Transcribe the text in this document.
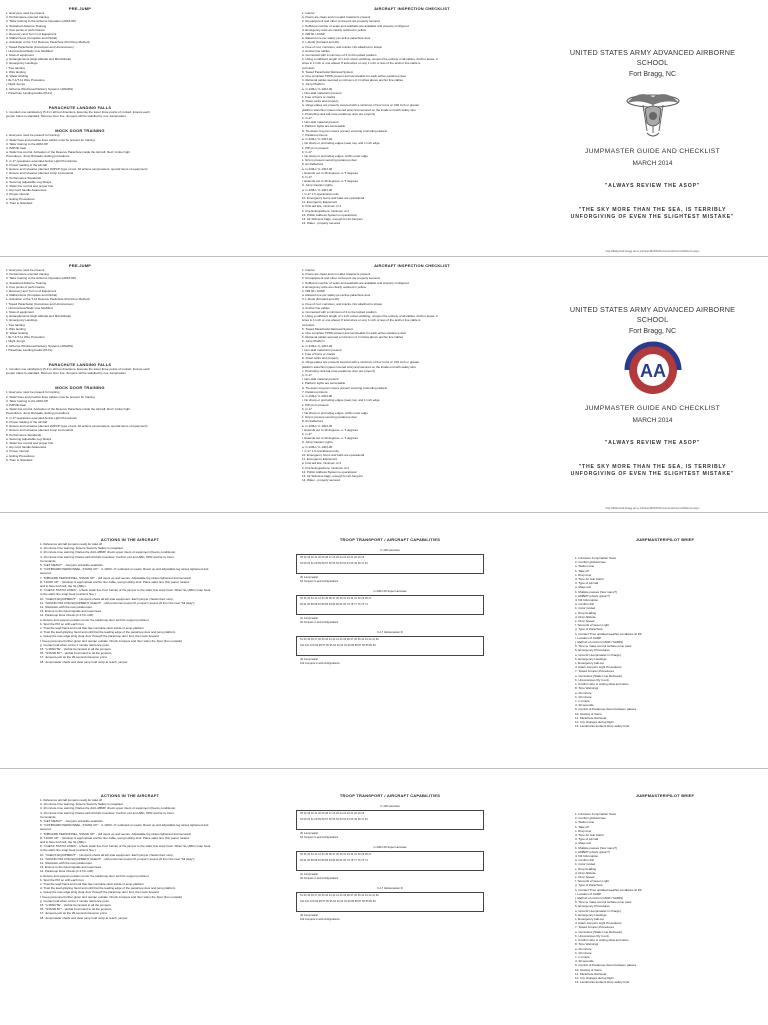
PRE-JUMP
1. Everyone must be present
2. Performance oriented training
3. Tailor training to the Airborne Operation (ADM-OP)
a. Sustained Airborne Training
b. Five points of performance
c. Recovery and Turn in of Equipment
d. Malfunctions (Complete and Partial)
e. Activation of the T-11 Reserve Parachute (Pull Drop Method)
f. Towed Parachutist (Conscious and Unconscious)
i. Unconscious/Static Line Modified
ii. Stow of equipment
g. Entanglements (High Altitude and Mid Altitude)
h. Emergency Landings
i. Tree landing
ii. Wire landing
iii. Water landing
i. IE-T-1/T-11 Wire Procedure
j. Night Jumps
k. Airborne Wind/Load Delivery Systems (AWADS)
l. Parachute Landing Faults (PLFs)
PARACHUTE LANDING FALLS
1. Conduct one satisfactory PLF in all four directions. Execute the lower three points of contact. Ensure each
jumper trains to standard. Remove from line. Jumpers will be satisfied by one Jumpmaster.
MOCK DOOR TRAINING
1. Everyone must be present for training
2. Static lines and practice lines cables must be present for training
3. Tailor training to the ADM-OP
4. IMPUE clear
a. Static line control, Activation of the Reserve Parachute inside the Aircraft, Red / Amber light
Procedures, Jump Refusals, Exiting procedures
b. C-17 operations extended Amber Light Procedures
5. Proper loading of the aircraft
6. Ensure and rehearse planned JMPCP (type of exit, All actions jumpmasters, special items of equipment)
7. Ensure and rehearse planned Jump Commands
8. Performance Standards
a. Securing Adjustable Leg Straps
b. Static line control and proper hits
c. Hip Cord handle Awareness
d. Proper interval
e. Exiting Procedures
9. Train to Standard
AIRCRAFT INSPECTION CHECKLIST
1. Interior
a. Floors are clean and non-skid material is present
b. All equipment and other conveyors are properly secured
c. Sufficient number of seats and seatbelts are available and properly configured
d. Emergency exits are clearly outlined in yellow
2. ISB 60 / ANSP
a. Allowed one per safety per active parachute door
3. L-Rods (Forward and Aft)
a. Free of rust, corrosion, and cracks. Not attached to straps
4. Anchor line cables
a. Connected with a minimum of 4 to the locked position
b. Using a sufficient length of 1 inch cotton webbing, unspool the entirety of all cables. Anchor areas, 3
wires in 1 inch or one ahead. 8 total wires on any 1 inch or less of the anchor line cable is
corrosion.
5. Towed Parachutist Retrieval System
a. One complete TPRS present and serviceable for each active paratroop door
b. Retrieval cables secured a minimum of 4 inches above anchor line cables
6. Jump Platform
a. C-130H / C-130J-30
i. Non-skid material is present
ii. Free of burrs or cracks
iii. Down locks and properly
iv. Hinge plates are properly secured with a minimum of four turns of .032 inch or greater
platform stanchion (steel covered wire) and secured on the inside end with safety wire
v. Protruding rack-tail-nose paratroop door are properly
b. C-17
i. Non-skid material present
ii. Platform lights are serviceable
iii. Tie-down ring pan covers present covering protruding rackets
7. Paratroop Doors
a. C-130H / C-130J-30
i. No sharp or protruding edges (seat, lap, and 1 inch edge
ii. PIP pin is present
b. C-17
i. No sharp or protruding edges, within outer edge
ii. Grip is present securing paratroop door
8. Air Deflectors
a. C-130H / C-130J-30
i. Extends out to 45 degrees +/- 5 degrees
b. C-17
i. Extends out to 30 degrees +/- 5 degrees
9. Jump Caution Lights
a. C-130H / C-130J-30
i. C-17 1.5 operational units
10. Emergency horns and bells are operational
11. Emergency Equipment
a. First aid kits, minimum of 4
b. Fire Extinguishers, minimum of 2
12. Public Address System is operational
13. Air Sickness bags, enough for all Jumpers
14. Water - properly secured
UNITED STATES ARMY ADVANCED AIRBORNE
SCHOOL
Fort Bragg, NC
JUMPMASTER GUIDE AND CHECKLIST
MARCH 2014
"ALWAYS REVIEW THE ASOP"
"THE SKY MORE THAN THE SEA, IS TERRIBLY
UNFORGIVING OF EVEN THE SLIGHTEST MISTAKE"
http://82dportal.bragg.army.mil/sites/82DIV/Documents/Forms/AllItems.aspx
PRE-JUMP
1. Everyone must be present
2. Performance oriented training
3. Tailor training to the Airborne Operation (ADM-OP)
a. Sustained Airborne Training
b. Five points of performance
c. Recovery and Turn in of Equipment
d. Malfunctions (Complete and Partial)
e. Activation of the T-11 Reserve Parachute (Pull Drop Method)
f. Towed Parachutist (Conscious and Unconscious)
i. Unconscious/Static Line Modified
ii. Stow of equipment
g. Entanglements (High Altitude and Mid Altitude)
h. Emergency Landings
i. Tree landing
ii. Wire landing
iii. Water landing
i. IE-T-1/T-11 Wire Procedure
j. Night Jumps
k. Airborne Wind/Load Delivery Systems (AWADS)
l. Parachute Landing Faults (PLFs)
PARACHUTE LANDING FALLS
1. Conduct one satisfactory PLF in all four directions. Execute the lower three points of contact. Ensure each
jumper trains to standard. Remove from line. Jumpers will be satisfied by one Jumpmaster.
MOCK DOOR TRAINING
1. Everyone must be present for training
2. Static lines and practice lines cables must be present for training
3. Tailor training to the ADM-OP
4. IMPUE clear
a. Static line control, Activation of the Reserve Parachute inside the Aircraft, Red / Amber light
Procedures, Jump Refusals, Exiting procedures
b. C-17 operations extended Amber Light Procedures
5. Proper loading of the aircraft
6. Ensure and rehearse planned JMPCP (type of exit, All actions jumpmasters, special items of equipment)
7. Ensure and rehearse planned Jump Commands
8. Performance Standards
a. Securing Adjustable Leg Straps
b. Static line control and proper hits
c. Hip Cord handle Awareness
d. Proper interval
e. Exiting Procedures
9. Train to Standard
AIRCRAFT INSPECTION CHECKLIST
1. Interior
a. Floors are clean and non-skid material is present
b. All equipment and other conveyors are properly secured
c. Sufficient number of seats and seatbelts are available and properly configured
d. Emergency exits are clearly outlined in yellow
2. ISB 60 / ANSP
a. Allowed one per safety per active parachute door
3. L-Rods (Forward and Aft)
a. Free of rust, corrosion, and cracks. Not attached to straps
4. Anchor line cables
a. Connected with a minimum of 4 to the locked position
b. Using a sufficient length of 1 inch cotton webbing, unspool the entirety of all cables. Anchor areas, 3
wires in 1 inch or one ahead. 8 total wires on any 1 inch or less of the anchor line cable is
corrosion.
5. Towed Parachutist Retrieval System
a. One complete TPRS present and serviceable for each active paratroop door
b. Retrieval cables secured a minimum of 4 inches above anchor line cables
6. Jump Platform
a. C-130H / C-130J-30
i. Non-skid material is present
ii. Free of burrs or cracks
iii. Down locks and properly
iv. Hinge plates are properly secured with a minimum of four turns of .032 inch or greater
platform stanchion (steel covered wire) and secured on the inside end with safety wire
v. Protruding rack-tail-nose paratroop door are properly
b. C-17
i. Non-skid material present
ii. Platform lights are serviceable
iii. Tie-down ring pan covers present covering protruding rackets
7. Paratroop Doors
a. C-130H / C-130J-30
i. No sharp or protruding edges (seat, lap, and 1 inch edge
ii. PIP pin is present
b. C-17
i. No sharp or protruding edges, within outer edge
ii. Grip is present securing paratroop door
8. Air Deflectors
a. C-130H / C-130J-30
i. Extends out to 45 degrees +/- 5 degrees
b. C-17
i. Extends out to 30 degrees +/- 5 degrees
9. Jump Caution Lights
a. C-130H / C-130J-30
i. C-17 1.5 operational units
10. Emergency horns and bells are operational
11. Emergency Equipment
a. First aid kits, minimum of 4
b. Fire Extinguishers, minimum of 2
12. Public Address System is operational
13. Air Sickness bags, enough for all Jumpers
14. Water - properly secured
UNITED STATES ARMY ADVANCED AIRBORNE
SCHOOL
Fort Bragg, NC
AA
JUMPMASTER GUIDE AND CHECKLIST
MARCH 2014
"ALWAYS REVIEW THE ASOP"
"THE SKY MORE THAN THE SEA, IS TERRIBLY
UNFORGIVING OF EVEN THE SLIGHTEST MISTAKE"
http://82dportal.bragg.army.mil/sites/82DIV/Documents/Forms/AllItems.aspx
ACTIONS IN THE AIRCRAFT
1. Reference aircraft jumpers ready for take off.
2. 10 minute time warning. Ensure Security Safety is reapplied.
3. 20 minute time warning (Varies the 2AU-ABMP, check upper risers of equipment (freeze conditions).
4. 10 minute time warning (Varies with Aircraft crossbow. Confirm exit and ABC, DPR anchor by Door
Commands.
5. "GET READY" - Jumpers unbuckle seatbelts.
6. "OUTBOARD PERSONNEL, STAND UP" - C-130/C-17 outboard on seats. Reset up and adjustable leg straps tightened and
secured.
7. "INBOARD PERSONNEL, STAND UP" - (All users up and secure, Adjustable leg straps tightened and secured).
8. "HOOK UP" - (Hookup is appropriate anchor line cable, using locking shut. Place static line (SL) panel, locked,
and to face both left, the SL (ABC).
9. "CHECK STATIC LINES" - (check static line from helmet of the jumper to the static line snap hook. When SL (ABC) snap hook
to the static line snap hook positions fine.)
10. "CHECK EQUIPMENT" - (Jumpers check all left side equipment. Each jumper checks their own).
11. "SOUND OFF FOR EQUIPMENT CHECK" - (All personnel sound off, jumper's sound off from the rear "All okay").
12. Shutdown with the rear paratrooper.
13. Ensure to the hand signals and responses.
14. Paratroop Door Check (C-17/C-130):
a. Ensure and support position (enter the paratroop door and the support position)
b. Spot the PFI on with each foot
c. Trust the lead hand and until that has complete clear inside of jump platform
d. Trust the lead gripping hand and until that the leading edge of the paratroop door and jump platform
e. Grasp the rear edge wing clear door through the paratroop door ford, then look forward.
f. Keep personnel further given and reenter outside. Check Jumpers and then when the Spot (from outside)
g. Contact trail when at the 1 minute reference point.
15. "1 MINUTE" - Verbal Command to all the jumpers.
16. "STAND BY" - Verbal Command to all the jumpers.
17. Jumpers exit as the 30 second reference point.
18. Jumpmaster check and clear jump hold ramp to reach, jumper.
TROOP TRANSPORT / AIRCRAFT CAPABILITIES
C-130 Hercules
35 34 33 32 31 30 29 28 27 26 25 24 23 22 21 20 19 18
64 63 62 61 60 59 58 57 56 55 54 53 52 51 50 49 48 47 46
(4) Jumpmaster
64 Jumpers in and configurations
C-130J-30 Super Hercules
46 45 44 43 42 41 40 39 38 37 36 35 34 33 32 31 30 29 28 27
92 91 90 89 88 87 86 85 84 83 82 81 80 79 78 77 76 75 74
(1) Jumpmaster
92 Jumpers in and configurations
C-17 Globemaster III
51 50 49 48 47 46 45 44 43 42 41 40 39 38 37 36 35 34 33 32 31 30
102 101 100 99 98 97 96 95 94 93 92 91 90 89 88 87 86 85 84 83
(3) Jumpmaster
102 Jumpers in and configurations
JUMPMASTER/PILOT BRIEF
1. Introduce Jumpmaster Team
2. Confirm global times
a. Station time
b. Take off
c. Drop time
d. Time for rear-hatch
3. Type of Aircraft
a. Mass exit
b. Multiple passes (how many?)
c. AMBPP (check option?)
4. DZ Information
a. Confirm DZ
b. Color Coded
c. Drop heading
d. Drop Altitude
e. Drop Speed
f. Seconds of Green Light
g. Type of Parachute
h. Contact Time updated weather conditions at DZ
i. Location of CARP
j. Method of control (CARP / GMRS)
5. Time to make control surface jump pass
6. Emergency Procedures
a. Ground (Jumpmaster in charge)
b. Emergency Landings
c. Emergency bail out
d. Flash Jumpers Light Procedures
7. Towed Jumper Procedures
a. Conscious (Static Line Retrieval)
b. Unconscious (fly it out)
c. Confirm who is cutting what and when
8. Time Warnings
a. 20 minute
b. 10 minute
c. 1 minute
d. 30 seconds
9. Control of Paratroop doors between passes
10. Closing of doors
11. Parachute Retrieval
12. Any changes during flight
13. Landmarks ambient Drop safety brief
ACTIONS IN THE AIRCRAFT
1. Reference aircraft jumpers ready for take off.
2. 10 minute time warning. Ensure Security Safety is reapplied.
3. 20 minute time warning (Varies the 2AU-ABMP, check upper risers of equipment (freeze conditions).
4. 10 minute time warning (Varies with Aircraft crossbow. Confirm exit and ABC, DPR anchor by Door
Commands.
5. "GET READY" - Jumpers unbuckle seatbelts.
6. "OUTBOARD PERSONNEL, STAND UP" - C-130/C-17 outboard on seats. Reset up and adjustable leg straps tightened and
secured.
7. "INBOARD PERSONNEL, STAND UP" - (All users up and secure, Adjustable leg straps tightened and secured).
8. "HOOK UP" - (Hookup is appropriate anchor line cable, using locking shut. Place static line (SL) panel, locked,
and to face both left, the SL (ABC).
9. "CHECK STATIC LINES" - (check static line from helmet of the jumper to the static line snap hook. When SL (ABC) snap hook
to the static line snap hook positions fine.)
10. "CHECK EQUIPMENT" - (Jumpers check all left side equipment. Each jumper checks their own).
11. "SOUND OFF FOR EQUIPMENT CHECK" - (All personnel sound off, jumper's sound off from the rear "All okay").
12. Shutdown with the rear paratrooper.
13. Ensure to the hand signals and responses.
14. Paratroop Door Check (C-17/C-130):
a. Ensure and support position (enter the paratroop door and the support position)
b. Spot the PFI on with each foot
c. Trust the lead hand and until that has complete clear inside of jump platform
d. Trust the lead gripping hand and until that the leading edge of the paratroop door and jump platform
e. Grasp the rear edge wing clear door through the paratroop door ford, then look forward.
f. Keep personnel further given and reenter outside. Check Jumpers and then when the Spot (from outside)
g. Contact trail when at the 1 minute reference point.
15. "1 MINUTE" - Verbal Command to all the jumpers.
16. "STAND BY" - Verbal Command to all the jumpers.
17. Jumpers exit as the 30 second reference point.
18. Jumpmaster check and clear jump hold ramp to reach, jumper.
TROOP TRANSPORT / AIRCRAFT CAPABILITIES
C-130 Hercules
35 34 33 32 31 30 29 28 27 26 25 24 23 22 21 20 19 18
64 63 62 61 60 59 58 57 56 55 54 53 52 51 50 49 48 47 46
(4) Jumpmaster
64 Jumpers in and configurations
C-130J-30 Super Hercules
46 45 44 43 42 41 40 39 38 37 36 35 34 33 32 31 30 29 28 27
92 91 90 89 88 87 86 85 84 83 82 81 80 79 78 77 76 75 74
(1) Jumpmaster
92 Jumpers in and configurations
C-17 Globemaster III
51 50 49 48 47 46 45 44 43 42 41 40 39 38 37 36 35 34 33 32 31 30
102 101 100 99 98 97 96 95 94 93 92 91 90 89 88 87 86 85 84 83
(3) Jumpmaster
102 Jumpers in and configurations
JUMPMASTER/PILOT BRIEF
1. Introduce Jumpmaster Team
2. Confirm global times
a. Station time
b. Take off
c. Drop time
d. Time for rear-hatch
3. Type of Aircraft
a. Mass exit
b. Multiple passes (how many?)
c. AMBPP (check option?)
4. DZ Information
a. Confirm DZ
b. Color Coded
c. Drop heading
d. Drop Altitude
e. Drop Speed
f. Seconds of Green Light
g. Type of Parachute
h. Contact Time updated weather conditions at DZ
i. Location of CARP
j. Method of control (CARP / GMRS)
5. Time to make control surface jump pass
6. Emergency Procedures
a. Ground (Jumpmaster in charge)
b. Emergency Landings
c. Emergency bail out
d. Flash Jumpers Light Procedures
7. Towed Jumper Procedures
a. Conscious (Static Line Retrieval)
b. Unconscious (fly it out)
c. Confirm who is cutting what and when
8. Time Warnings
a. 20 minute
b. 10 minute
c. 1 minute
d. 30 seconds
9. Control of Paratroop doors between passes
10. Closing of doors
11. Parachute Retrieval
12. Any changes during flight
13. Landmarks ambient Drop safety brief
